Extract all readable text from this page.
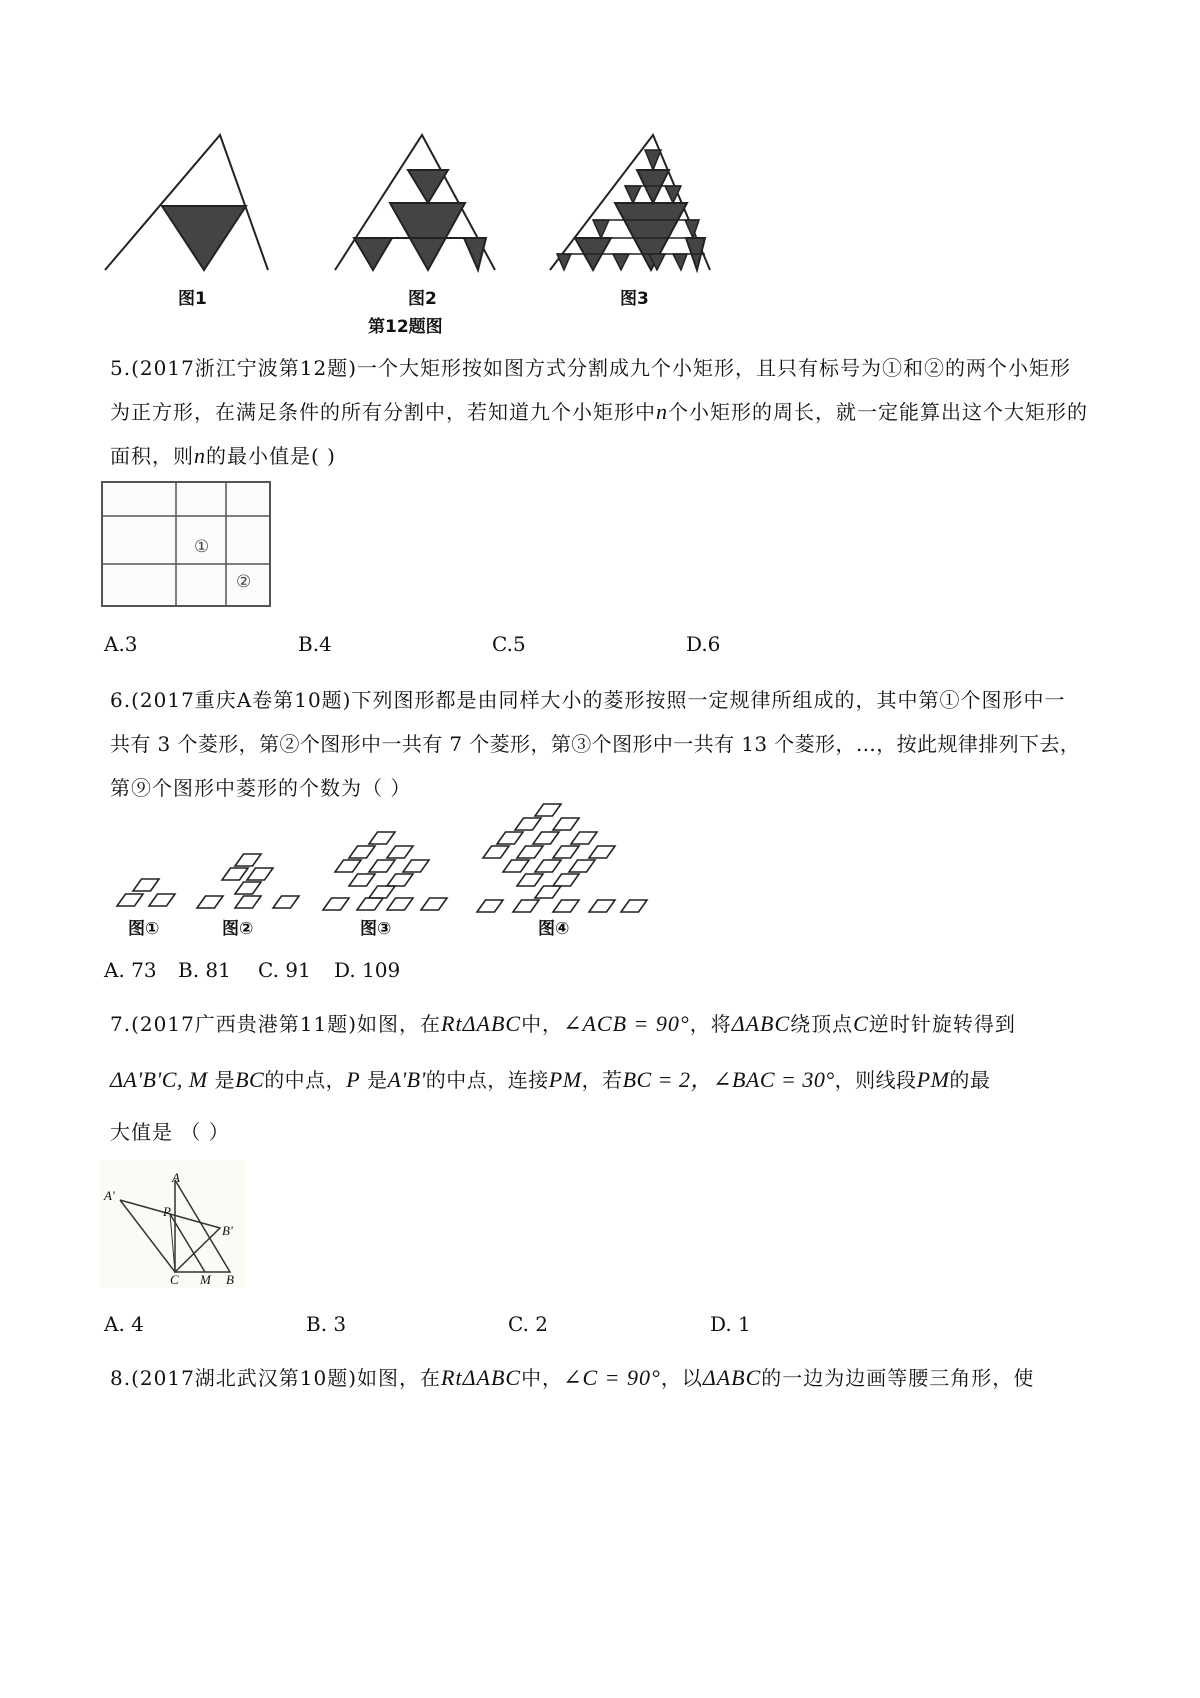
图1	图2	图3
第12题图
5.(2017浙江宁波第12题)一个大矩形按如图方式分割成九个小矩形，且只有标号为①和②的两个小矩形
为正方形，在满足条件的所有分割中，若知道九个小矩形中n个小矩形的周长，就一定能算出这个大矩形的
面积，则n的最小值是( )
①
②
A.3	B.4	C.5	D.6
6.(2017重庆A卷第10题)下列图形都是由同样大小的菱形按照一定规律所组成的，其中第①个图形中一
共有 3 个菱形，第②个图形中一共有 7 个菱形，第③个图形中一共有 13 个菱形，…，按此规律排列下去，
第⑨个图形中菱形的个数为（ ）
图①	图②	图③	图④
A. 73 B. 81 C. 91 D. 109
7.(2017广西贵港第11题)如图，在RtΔABC中，∠ACB = 90°，将ΔABC绕顶点C逆时针旋转得到
ΔA'B'C, M 是BC的中点，P 是A'B'的中点，连接PM，若BC = 2，∠BAC = 30°，则线段PM的最
大值是 （ ）
A'
A
P
B'
C M B
A. 4	B. 3	C. 2	D. 1
8.(2017湖北武汉第10题)如图，在RtΔABC中，∠C = 90°，以ΔABC的一边为边画等腰三角形，使
